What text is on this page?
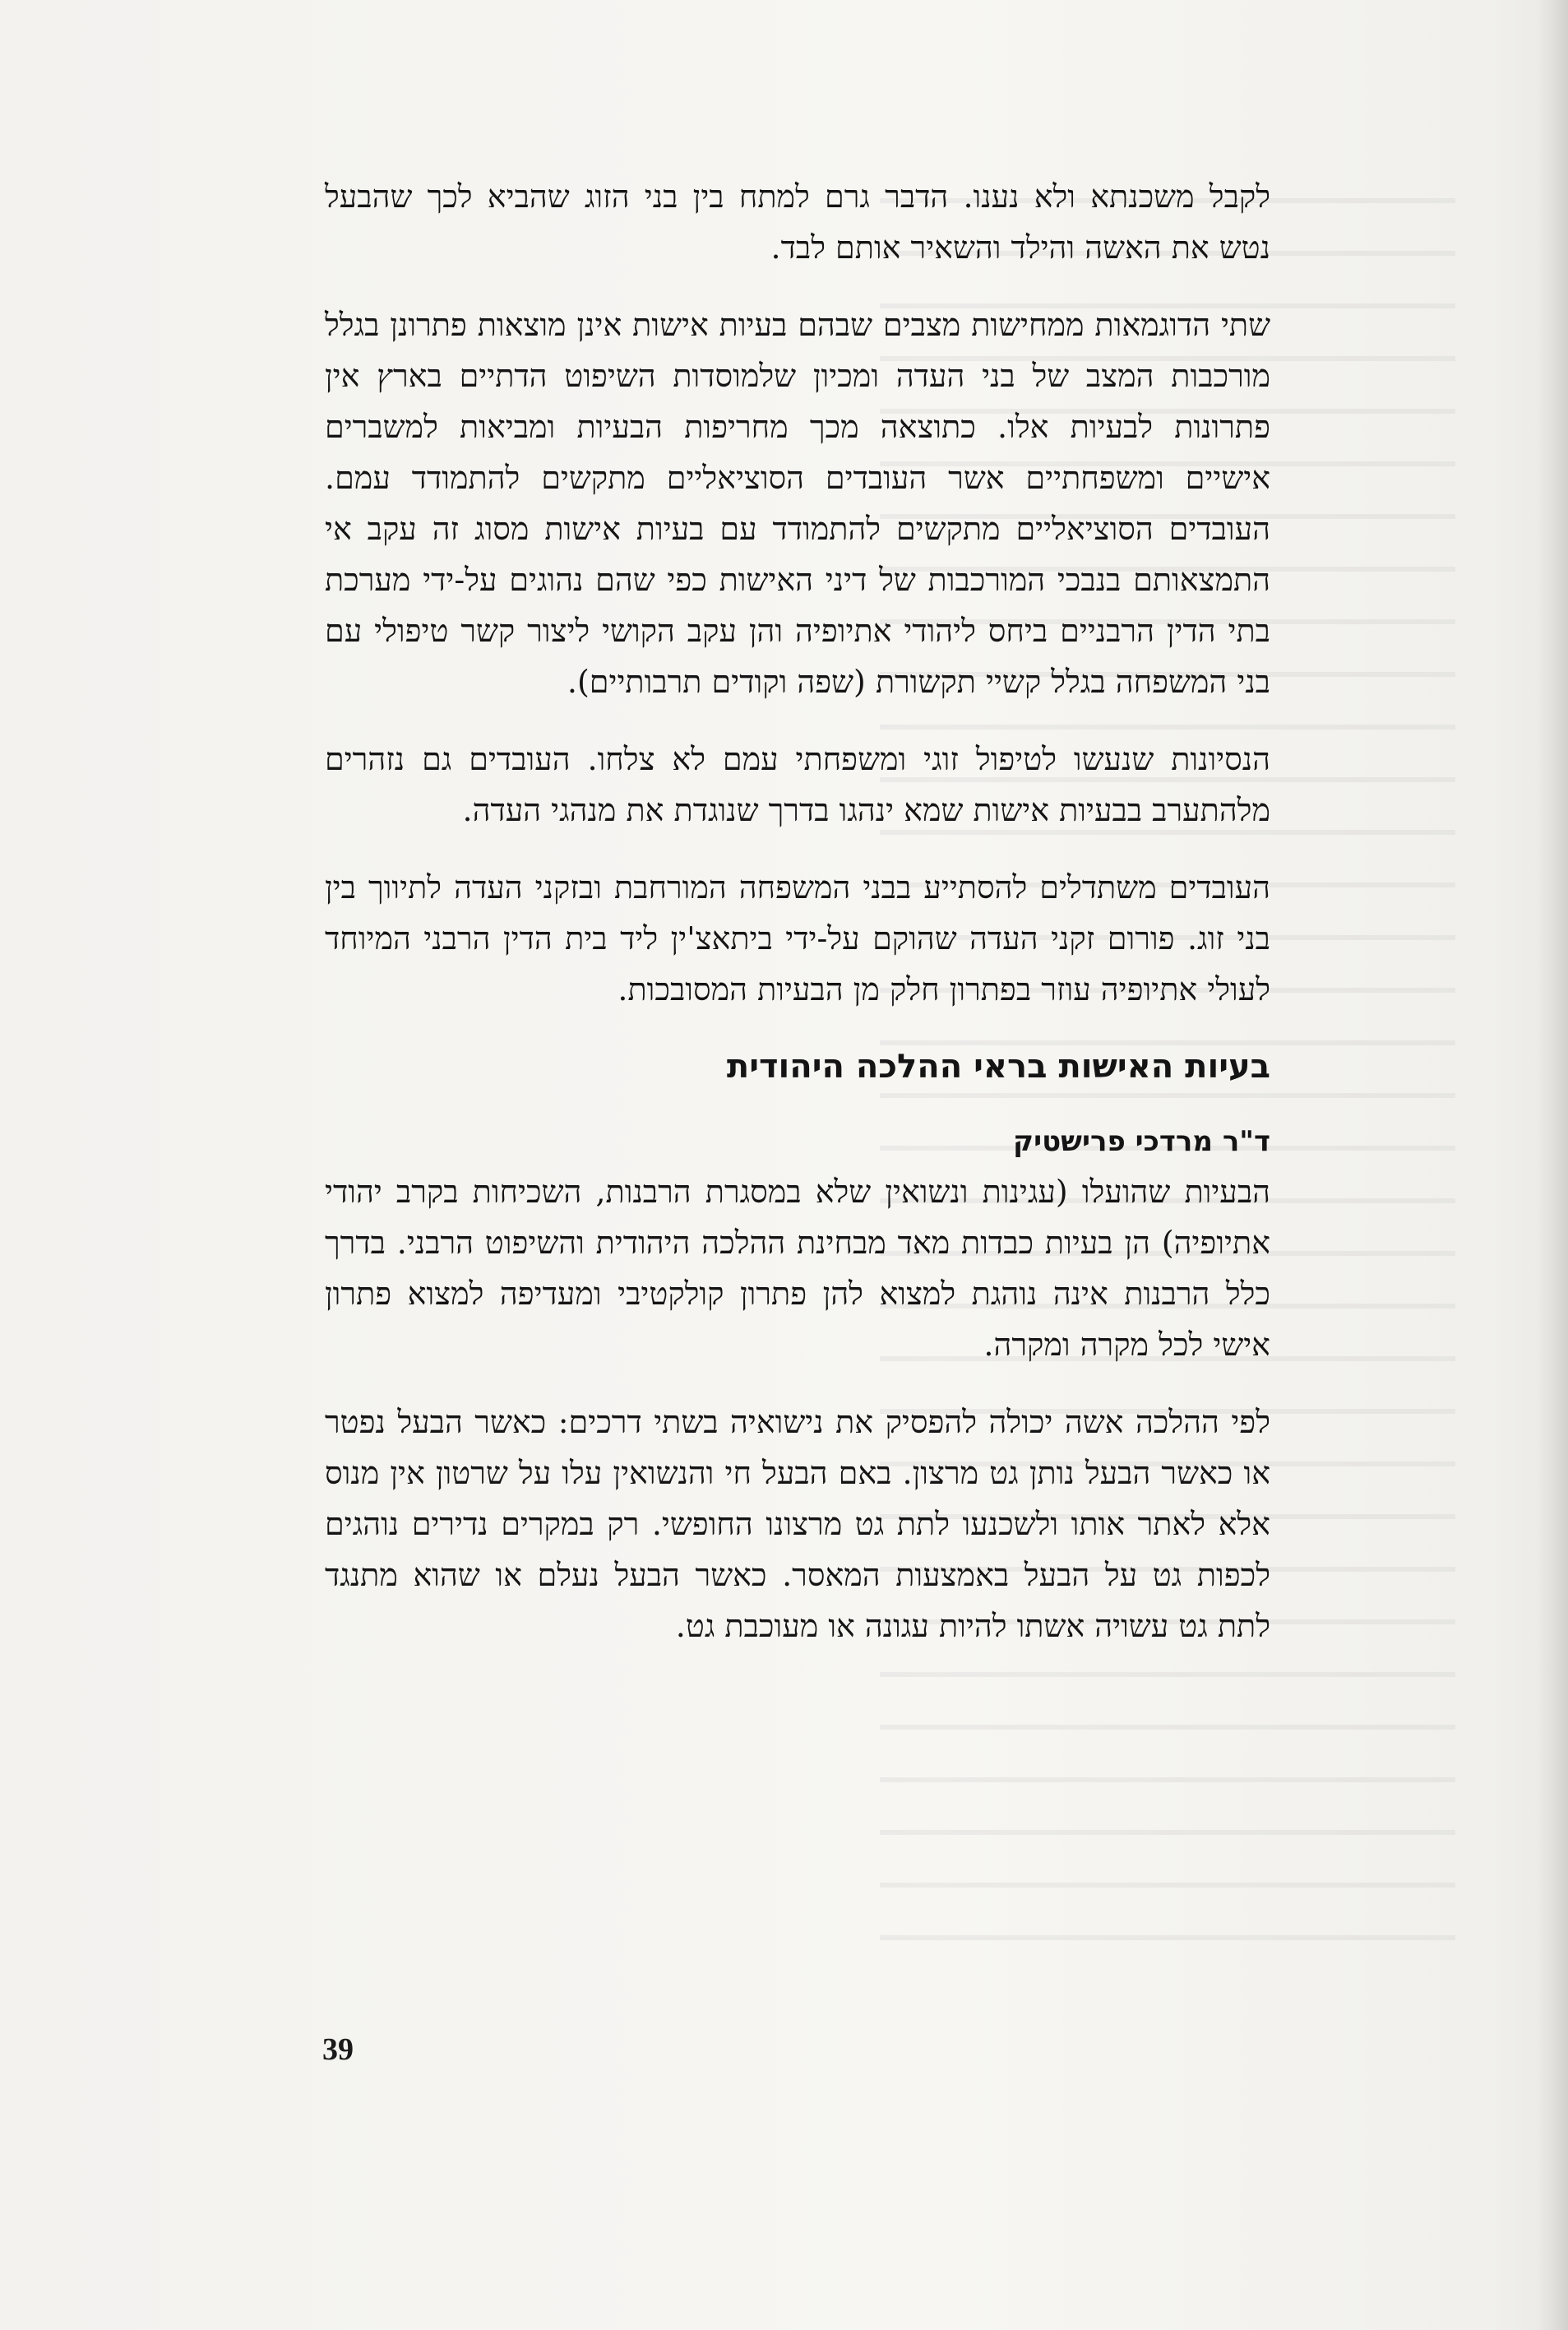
לקבל משכנתא ולא נענו. הדבר גרם למתח בין בני הזוג שהביא לכך שהבעל נטש את האשה והילד והשאיר אותם לבד.

שתי הדוגמאות ממחישות מצבים שבהם בעיות אישות אינן מוצאות פתרונן בגלל מורכבות המצב של בני העדה ומכיון שלמוסדות השיפוט הדתיים בארץ אין פתרונות לבעיות אלו. כתוצאה מכך מחריפות הבעיות ומביאות למשברים אישיים ומשפחתיים אשר העובדים הסוציאליים מתקשים להתמודד עמם. העובדים הסוציאליים מתקשים להתמודד עם בעיות אישות מסוג זה עקב אי התמצאותם בנבכי המורכבות של דיני האישות כפי שהם נהוגים על-ידי מערכת בתי הדין הרבניים ביחס ליהודי אתיופיה והן עקב הקושי ליצור קשר טיפולי עם בני המשפחה בגלל קשיי תקשורת (שפה וקודים תרבותיים).

הנסיונות שנעשו לטיפול זוגי ומשפחתי עמם לא צלחו. העובדים גם נזהרים מלהתערב בבעיות אישות שמא ינהגו בדרך שנוגדת את מנהגי העדה.

העובדים משתדלים להסתייע בבני המשפחה המורחבת ובזקני העדה לתיווך בין בני זוג. פורום זקני העדה שהוקם על-ידי ביתאצ'ין ליד בית הדין הרבני המיוחד לעולי אתיופיה עוזר בפתרון חלק מן הבעיות המסובכות.

בעיות האישות בראי ההלכה היהודית
ד"ר מרדכי פרישטיק

הבעיות שהועלו (עגינות ונשואין שלא במסגרת הרבנות, השכיחות בקרב יהודי אתיופיה) הן בעיות כבדות מאד מבחינת ההלכה היהודית והשיפוט הרבני. בדרך כלל הרבנות אינה נוהגת למצוא להן פתרון קולקטיבי ומעדיפה למצוא פתרון אישי לכל מקרה ומקרה.

לפי ההלכה אשה יכולה להפסיק את נישואיה בשתי דרכים: כאשר הבעל נפטר או כאשר הבעל נותן גט מרצון. באם הבעל חי והנשואין עלו על שרטון אין מנוס אלא לאתר אותו ולשכנעו לתת גט מרצונו החופשי. רק במקרים נדירים נוהגים לכפות גט על הבעל באמצעות המאסר. כאשר הבעל נעלם או שהוא מתנגד לתת גט עשויה אשתו להיות עגונה או מעוכבת גט.

39
